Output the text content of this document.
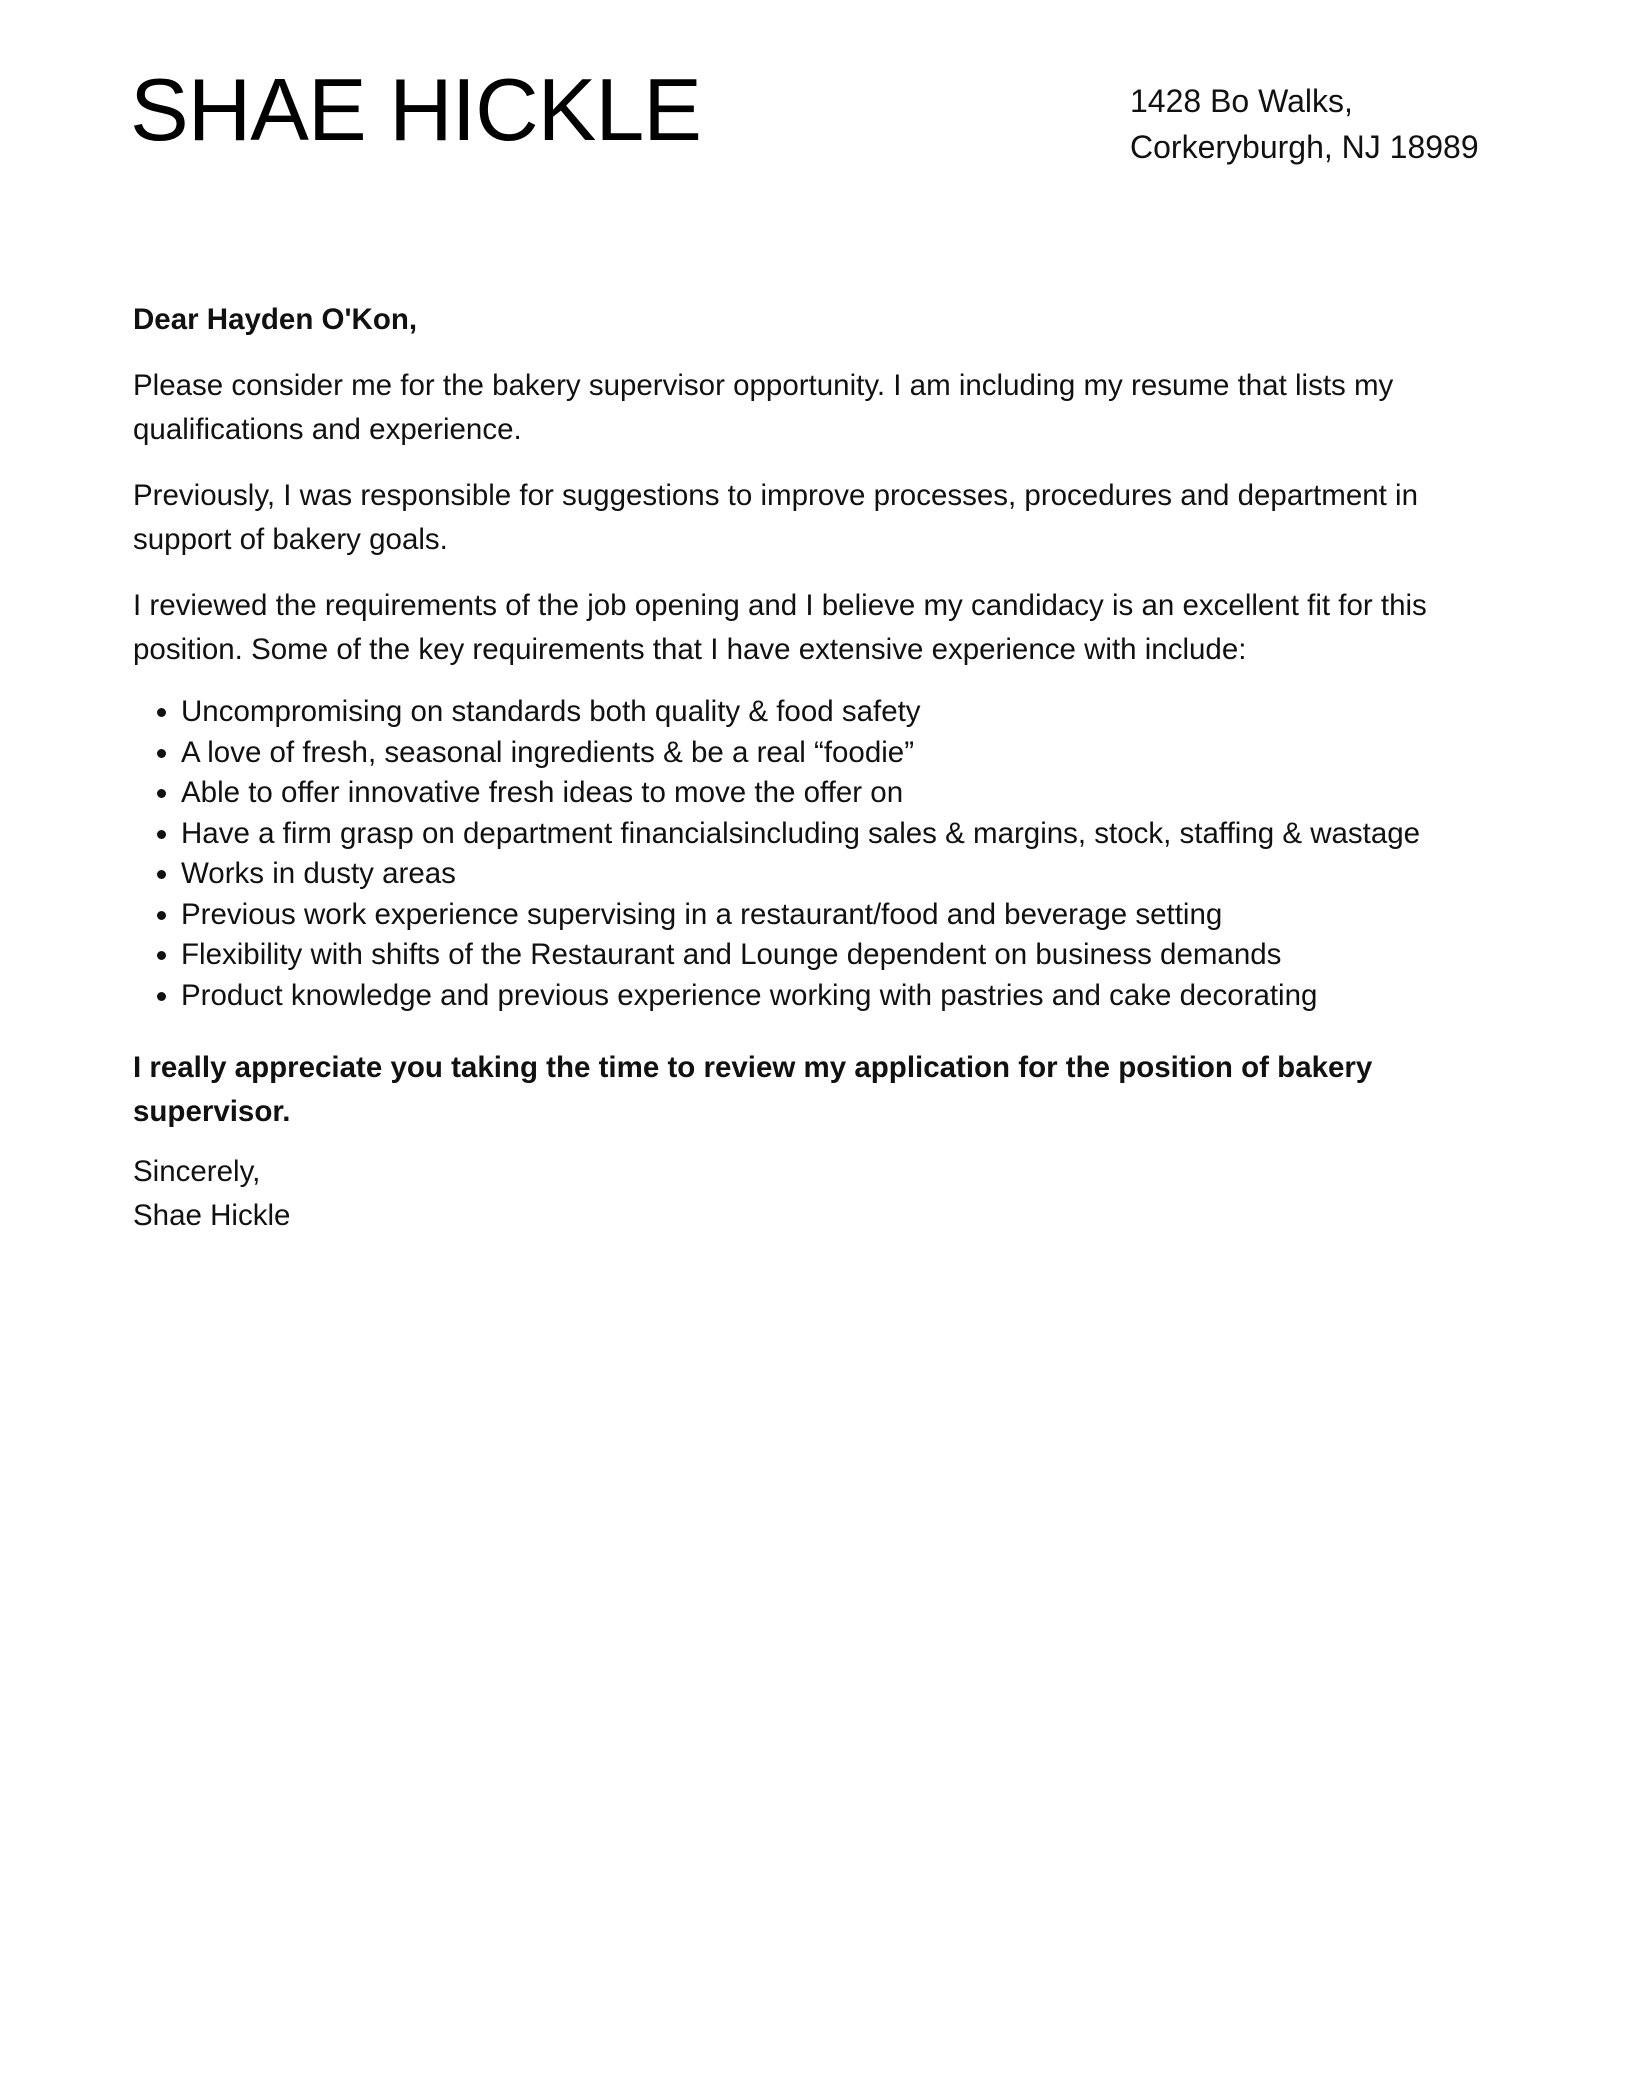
SHAE HICKLE	1428 Bo Walks,
Corkeryburgh, NJ 18989

Dear Hayden O'Kon,

Please consider me for the bakery supervisor opportunity. I am including my resume that lists my qualifications and experience.

Previously, I was responsible for suggestions to improve processes, procedures and department in support of bakery goals.

I reviewed the requirements of the job opening and I believe my candidacy is an excellent fit for this position. Some of the key requirements that I have extensive experience with include:

• Uncompromising on standards both quality & food safety
• A love of fresh, seasonal ingredients & be a real “foodie”
• Able to offer innovative fresh ideas to move the offer on
• Have a firm grasp on department financialsincluding sales & margins, stock, staffing & wastage
• Works in dusty areas
• Previous work experience supervising in a restaurant/food and beverage setting
• Flexibility with shifts of the Restaurant and Lounge dependent on business demands
• Product knowledge and previous experience working with pastries and cake decorating

I really appreciate you taking the time to review my application for the position of bakery supervisor.

Sincerely,

Shae Hickle
